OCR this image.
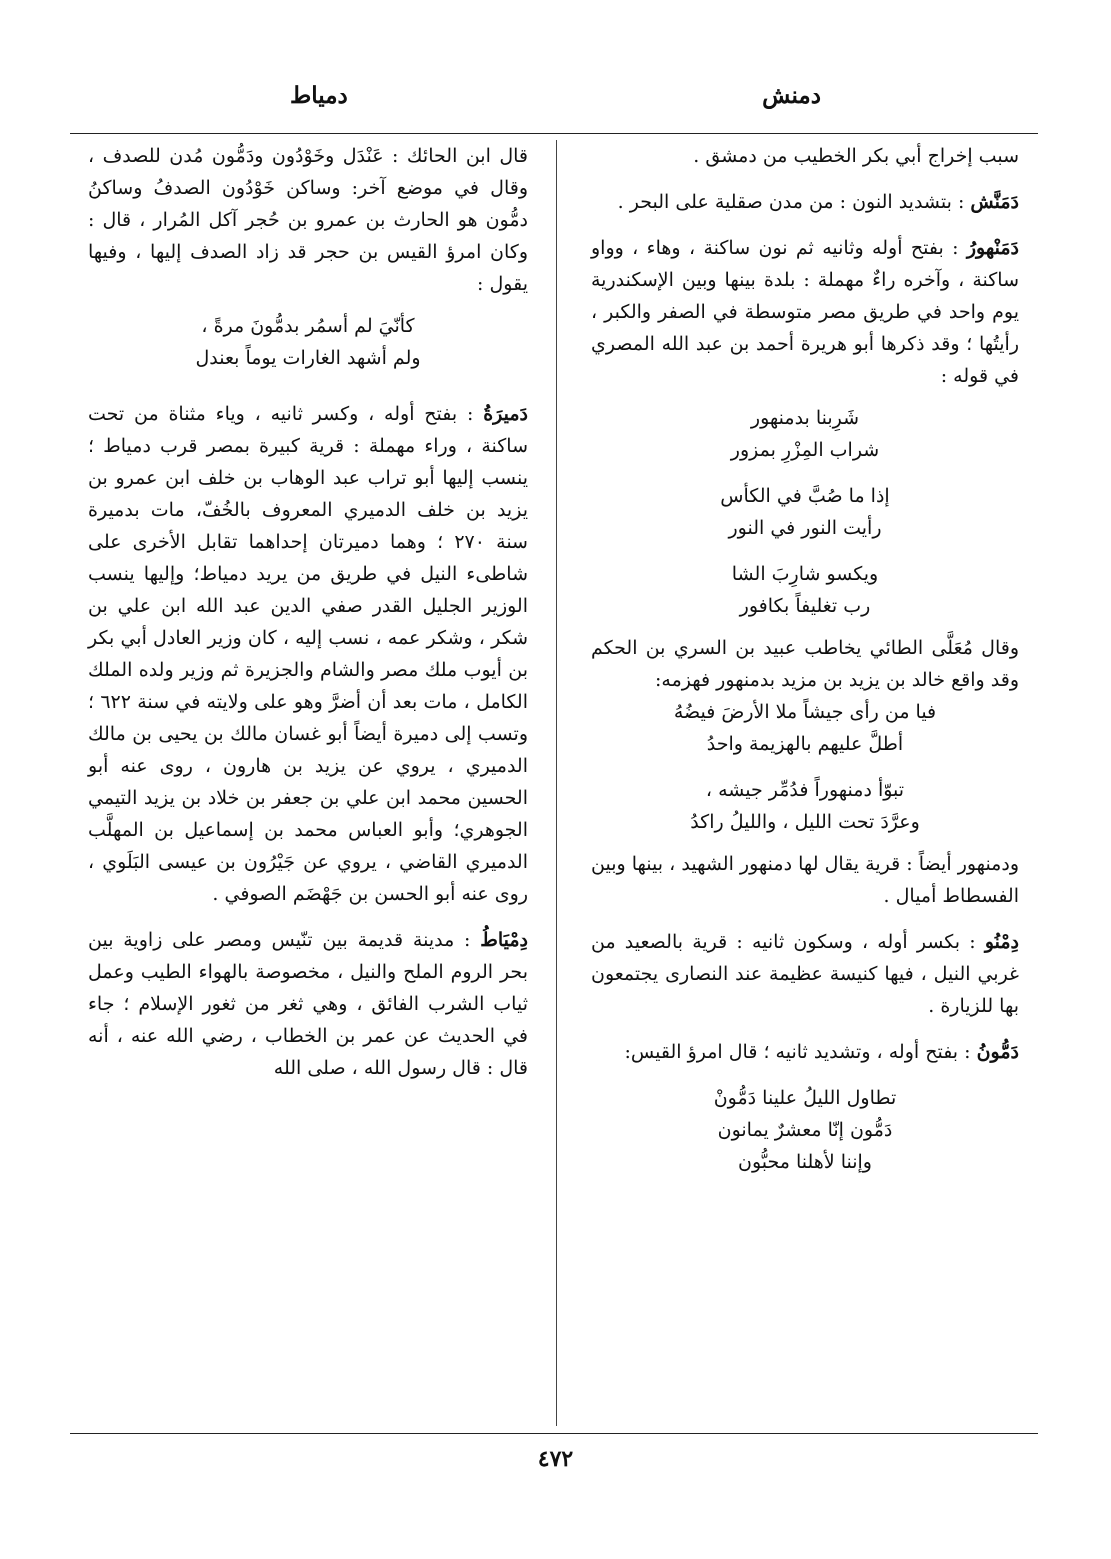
دمنش
دمياط

سبب إخراج أبي بكر الخطيب من دمشق .

دَمَنَّش : بتشديد النون : من مدن صقلية على البحر .

دَمَنْهورُ : بفتح أوله وثانيه ثم نون ساكنة ، وهاء ، وواو ساكنة ، وآخره راءٌ مهملة : بلدة بينها وبين الإسكندرية يوم واحد في طريق مصر متوسطة في الصفر والكبر ، رأيتُها ؛ وقد ذكرها أبو هريرة أحمد بن عبد الله المصري في قوله :

شَرِبنا بدمنهور

شراب المِزْرِ بمزور

إذا ما صُبَّ في الكأس

رأيت النور في النور

ويكسو شارِبَ الشا

رب تغليفاً بكافور

وقال مُعَلَّى الطائي يخاطب عبيد بن السري بن الحكم وقد واقع خالد بن يزيد بن مزيد بدمنهور فهزمه:

فيا من رأى جيشاً ملا الأرضَ فيضُهُ

أطلَّ عليهم بالهزيمة واحدُ

تبوّأ دمنهوراً فدُمِّر جيشه ،

وعرَّدَ تحت الليل ، والليلُ راكدُ

ودمنهور أيضاً : قرية يقال لها دمنهور الشهيد ، بينها وبين الفسطاط أميال .

دِمْنُو : بكسر أوله ، وسكون ثانيه : قرية بالصعيد من غربي النيل ، فيها كنيسة عظيمة عند النصارى يجتمعون بها للزيارة .

دَمُّونُ : بفتح أوله ، وتشديد ثانيه ؛ قال امرؤ القيس:

تطاول الليلُ علينا دَمُّونْ

دَمُّون إنّا معشرٌ يمانون

وإننا لأهلنا محبُّون

قال ابن الحائك : عَنْدَل وخَوْدُون ودَمُّون مُدن للصدف ، وقال في موضع آخر: وساكن خَوْدُون الصدفُ وساكنُ دمُّون هو الحارث بن عمرو بن حُجر آكل المُرار ، قال : وكان امرؤ القيس بن حجر قد زاد الصدف إليها ، وفيها يقول :

كأنّيَ لم أسمُر بدمُّونَ مرةً ،

ولم أشهد الغارات يوماً بعندل

دَميرَةُ : بفتح أوله ، وكسر ثانيه ، وياء مثناة من تحت ساكنة ، وراء مهملة : قرية كبيرة بمصر قرب دمياط ؛ ينسب إليها أبو تراب عبد الوهاب بن خلف ابن عمرو بن يزيد بن خلف الدميري المعروف بالخُفّ، مات بدميرة سنة ٢٧٠ ؛ وهما دميرتان إحداهما تقابل الأخرى على شاطىء النيل في طريق من يريد دمياط؛ وإليها ينسب الوزير الجليل القدر صفي الدين عبد الله ابن علي بن شكر ، وشكر عمه ، نسب إليه ، كان وزير العادل أبي بكر بن أيوب ملك مصر والشام والجزيرة ثم وزير ولده الملك الكامل ، مات بعد أن أضرَّ وهو على ولايته في سنة ٦٢٢ ؛ وتسب إلى دميرة أيضاً أبو غسان مالك بن يحيى بن مالك الدميري ، يروي عن يزيد بن هارون ، روى عنه أبو الحسين محمد ابن علي بن جعفر بن خلاد بن يزيد التيمي الجوهري؛ وأبو العباس محمد بن إسماعيل بن المهلَّب الدميري القاضي ، يروي عن جَيْرُون بن عيسى البَلَوي ، روى عنه أبو الحسن بن جَهْضَم الصوفي .

دِمْيَاطُ : مدينة قديمة بين تنّيس ومصر على زاوية بين بحر الروم الملح والنيل ، مخصوصة بالهواء الطيب وعمل ثياب الشرب الفائق ، وهي ثغر من ثغور الإسلام ؛ جاء في الحديث عن عمر بن الخطاب ، رضي الله عنه ، أنه قال : قال رسول الله ، صلى الله

٤٧٢
